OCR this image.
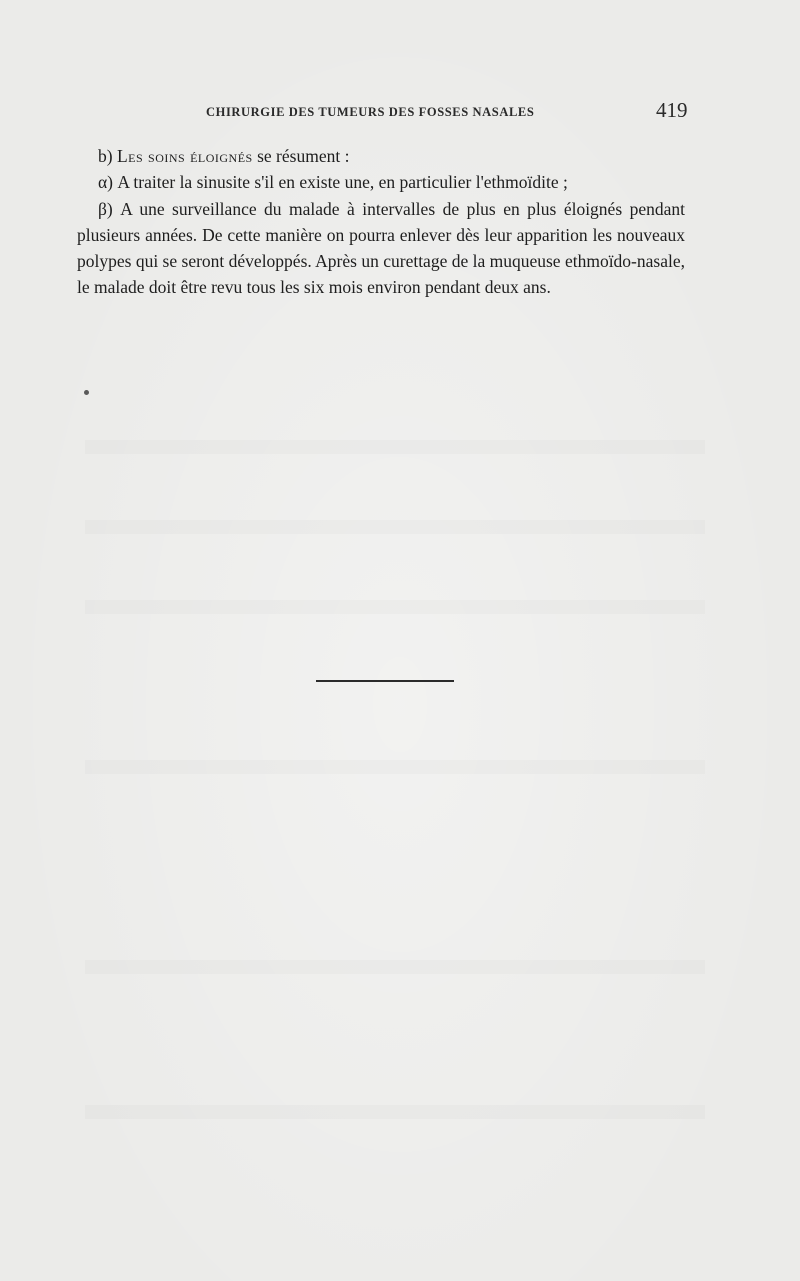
CHIRURGIE DES TUMEURS DES FOSSES NASALES	419

b) Les soins éloignés se résument :

α) A traiter la sinusite s'il en existe une, en particulier l'ethmoïdite ;

β) A une surveillance du malade à intervalles de plus en plus éloignés pendant plusieurs années. De cette manière on pourra enlever dès leur apparition les nouveaux polypes qui se seront développés. Après un curettage de la muqueuse ethmoïdo-nasale, le malade doit être revu tous les six mois environ pendant deux ans.
